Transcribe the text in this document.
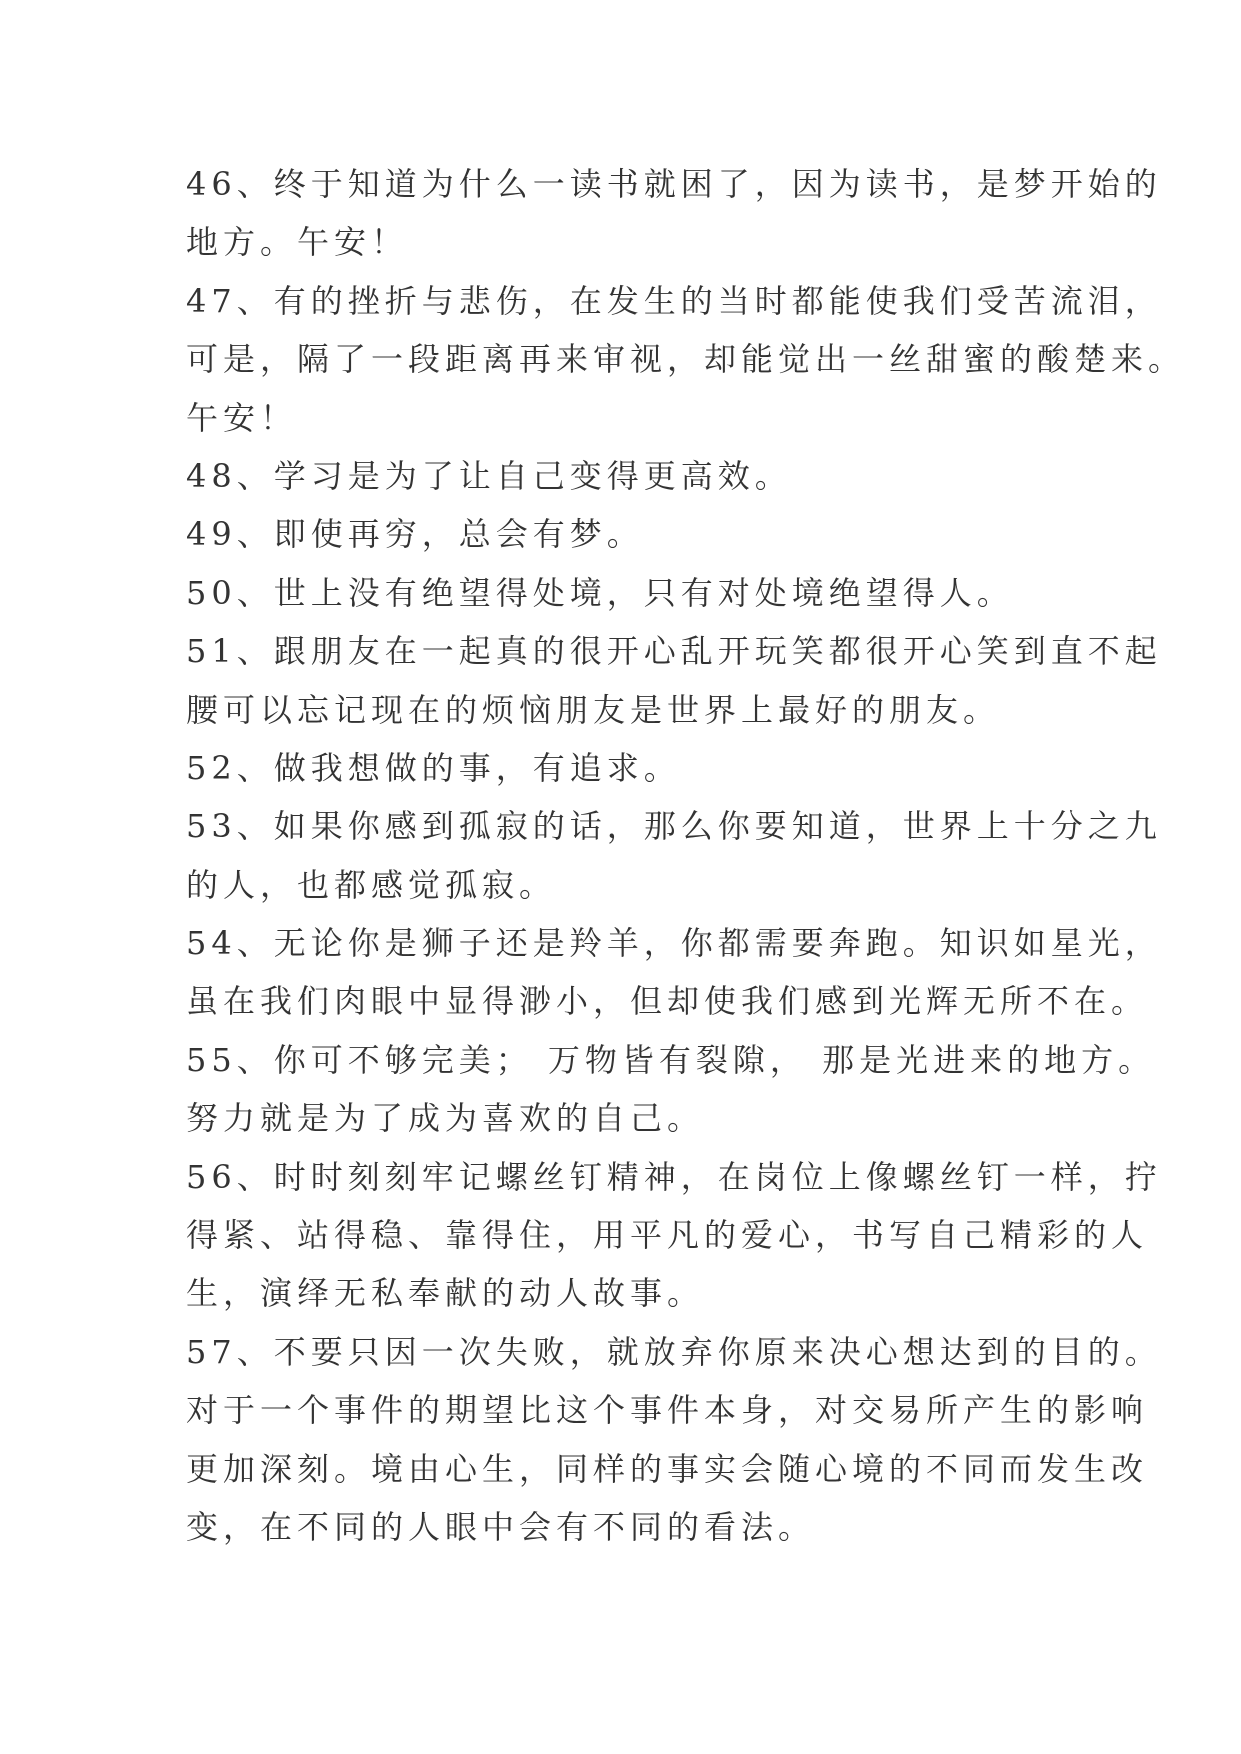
46、终于知道为什么一读书就困了，因为读书，是梦开始的
地方。午安！
47、有的挫折与悲伤，在发生的当时都能使我们受苦流泪，
可是，隔了一段距离再来审视，却能觉出一丝甜蜜的酸楚来。
午安！
48、学习是为了让自己变得更高效。
49、即使再穷，总会有梦。
50、世上没有绝望得处境，只有对处境绝望得人。
51、跟朋友在一起真的很开心乱开玩笑都很开心笑到直不起
腰可以忘记现在的烦恼朋友是世界上最好的朋友。
52、做我想做的事，有追求。
53、如果你感到孤寂的话，那么你要知道，世界上十分之九
的人，也都感觉孤寂。
54、无论你是狮子还是羚羊，你都需要奔跑。知识如星光，
虽在我们肉眼中显得渺小，但却使我们感到光辉无所不在。
55、你可不够完美； 万物皆有裂隙， 那是光进来的地方。
努力就是为了成为喜欢的自己。
56、时时刻刻牢记螺丝钉精神，在岗位上像螺丝钉一样，拧
得紧、站得稳、靠得住，用平凡的爱心，书写自己精彩的人
生，演绎无私奉献的动人故事。
57、不要只因一次失败，就放弃你原来决心想达到的目的。
对于一个事件的期望比这个事件本身，对交易所产生的影响
更加深刻。境由心生，同样的事实会随心境的不同而发生改
变，在不同的人眼中会有不同的看法。
